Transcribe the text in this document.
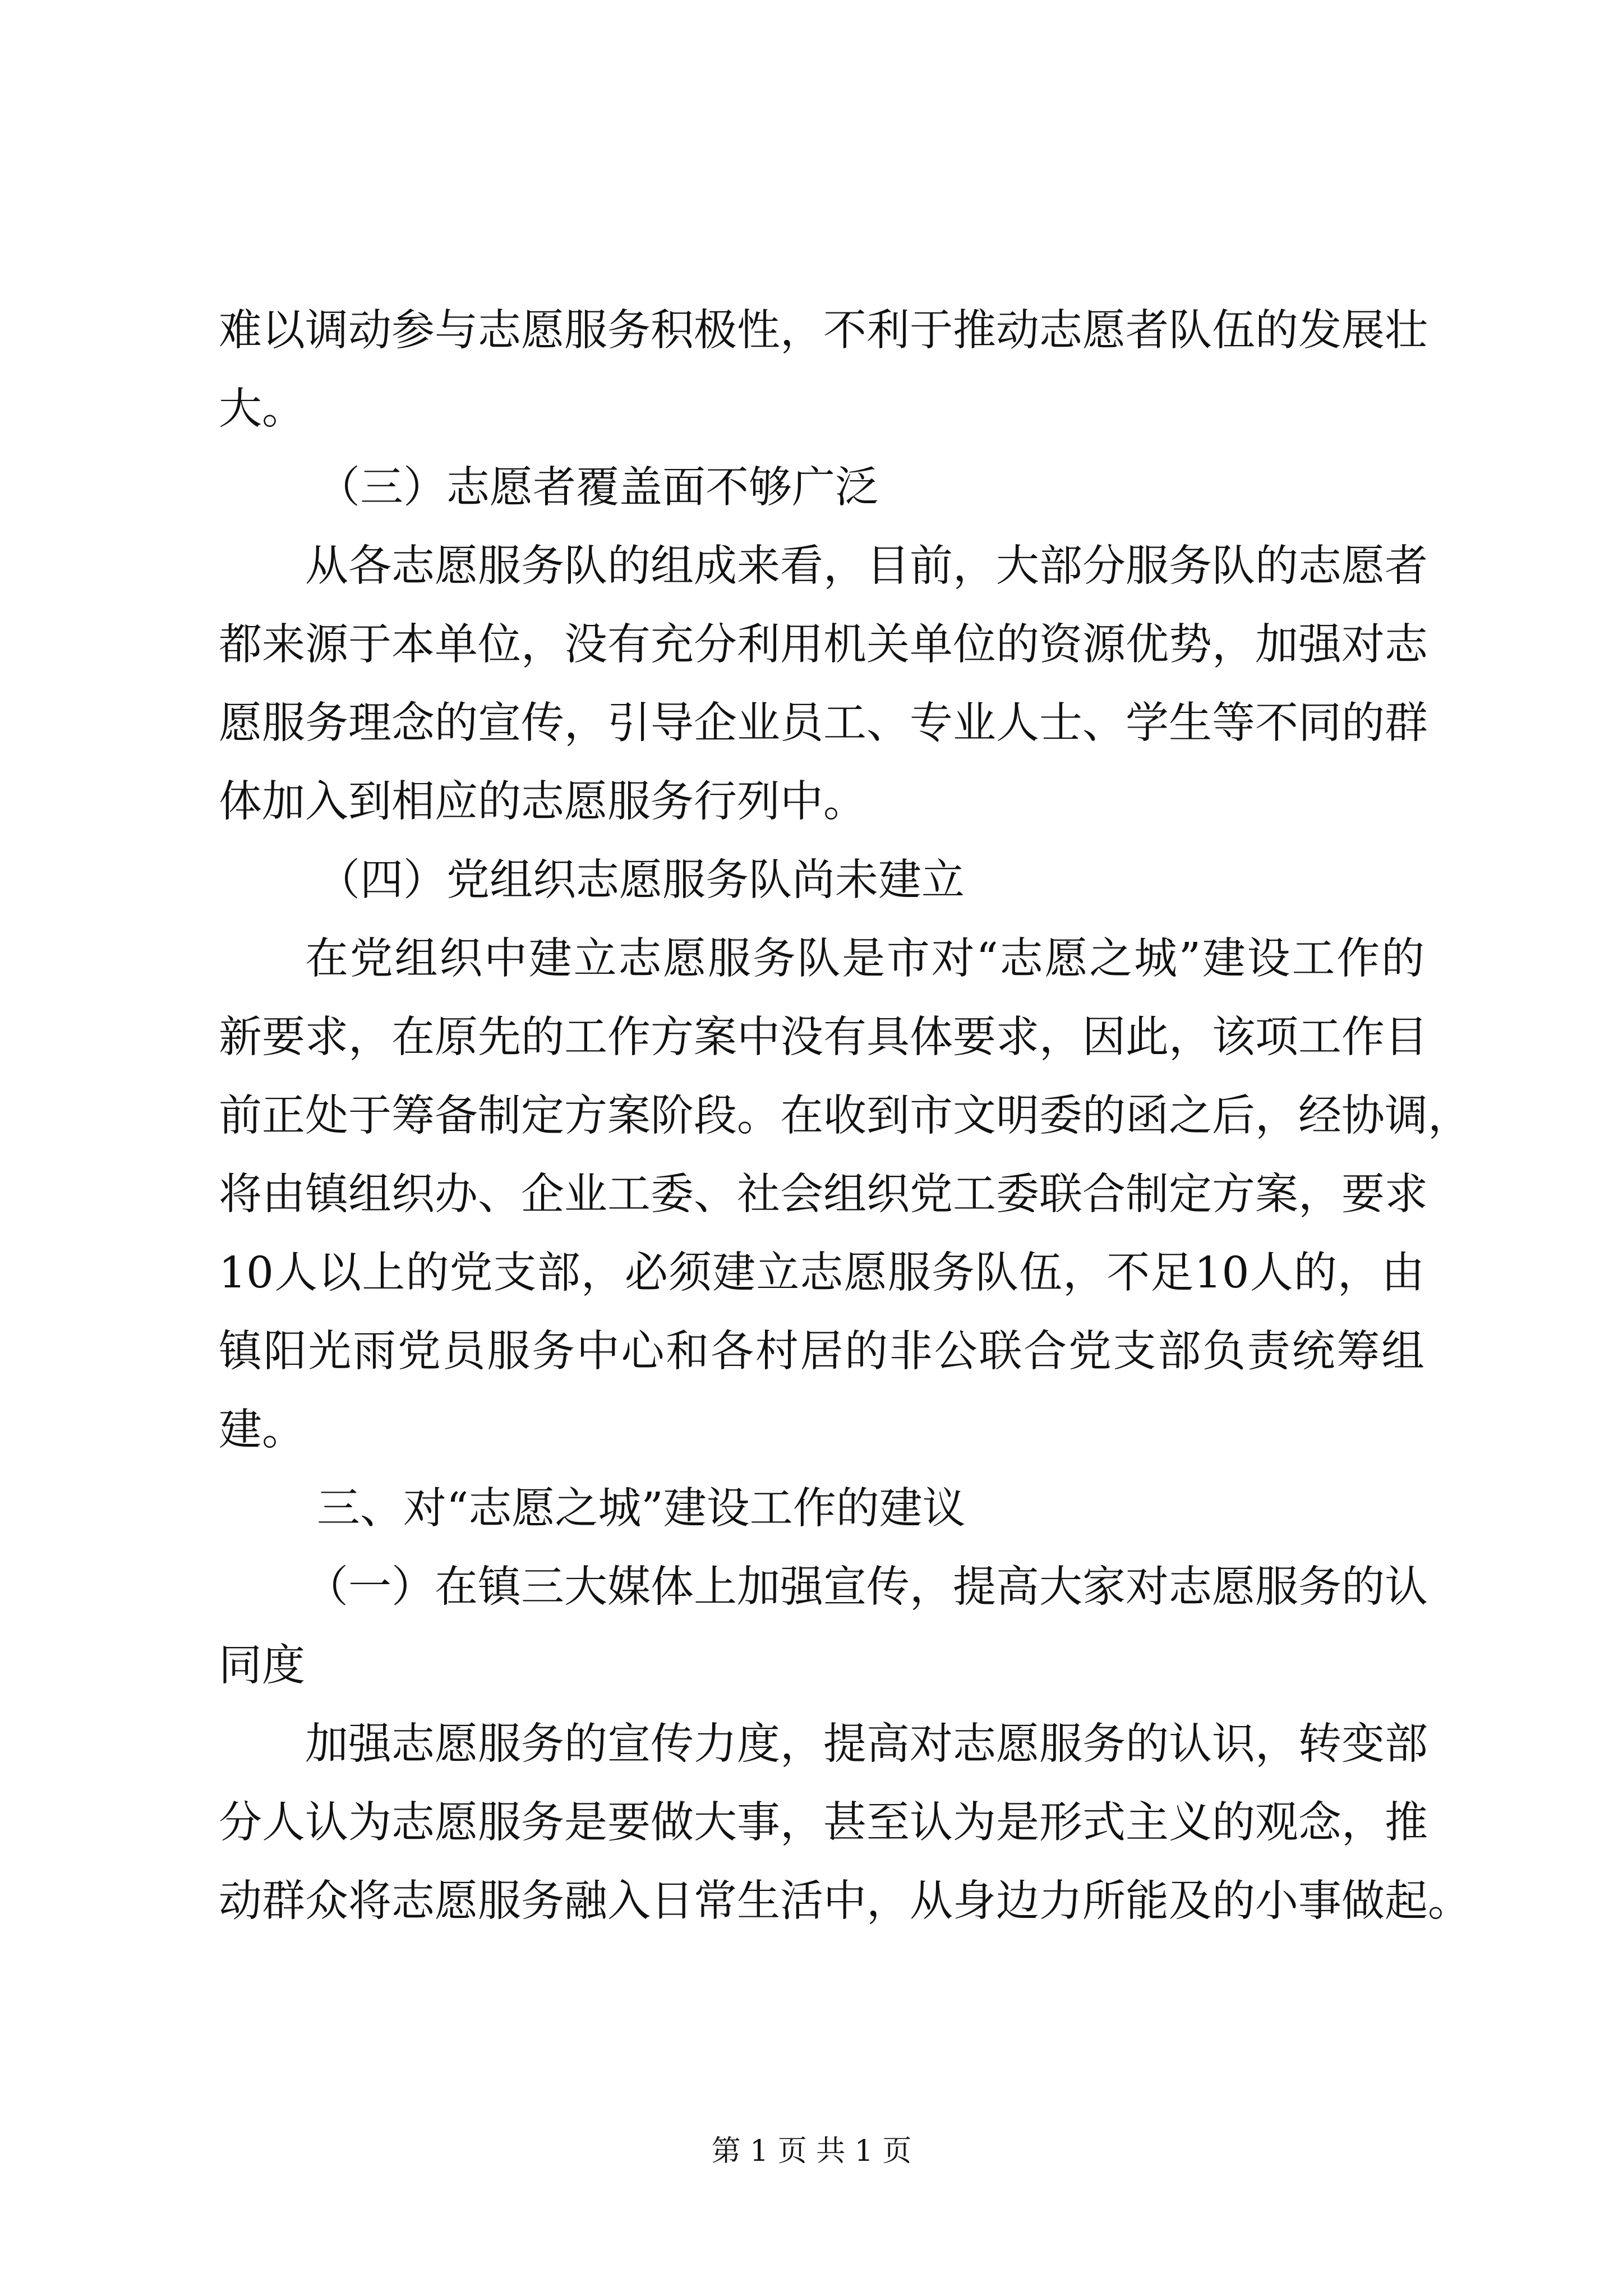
难以调动参与志愿服务积极性，不利于推动志愿者队伍的发展壮
大。
（三）志愿者覆盖面不够广泛
从各志愿服务队的组成来看，目前，大部分服务队的志愿者
都来源于本单位，没有充分利用机关单位的资源优势，加强对志
愿服务理念的宣传，引导企业员工、专业人士、学生等不同的群
体加入到相应的志愿服务行列中。
（四）党组织志愿服务队尚未建立
在党组织中建立志愿服务队是市对“志愿之城”建设工作的
新要求，在原先的工作方案中没有具体要求，因此，该项工作目
前正处于筹备制定方案阶段。在收到市文明委的函之后，经协调，
将由镇组织办、企业工委、社会组织党工委联合制定方案，要求
10人以上的党支部，必须建立志愿服务队伍，不足10人的，由
镇阳光雨党员服务中心和各村居的非公联合党支部负责统筹组
建。
三、对“志愿之城”建设工作的建议
（一）在镇三大媒体上加强宣传，提高大家对志愿服务的认
同度
加强志愿服务的宣传力度，提高对志愿服务的认识，转变部
分人认为志愿服务是要做大事，甚至认为是形式主义的观念，推
动群众将志愿服务融入日常生活中，从身边力所能及的小事做起。
第 1 页 共 1 页
